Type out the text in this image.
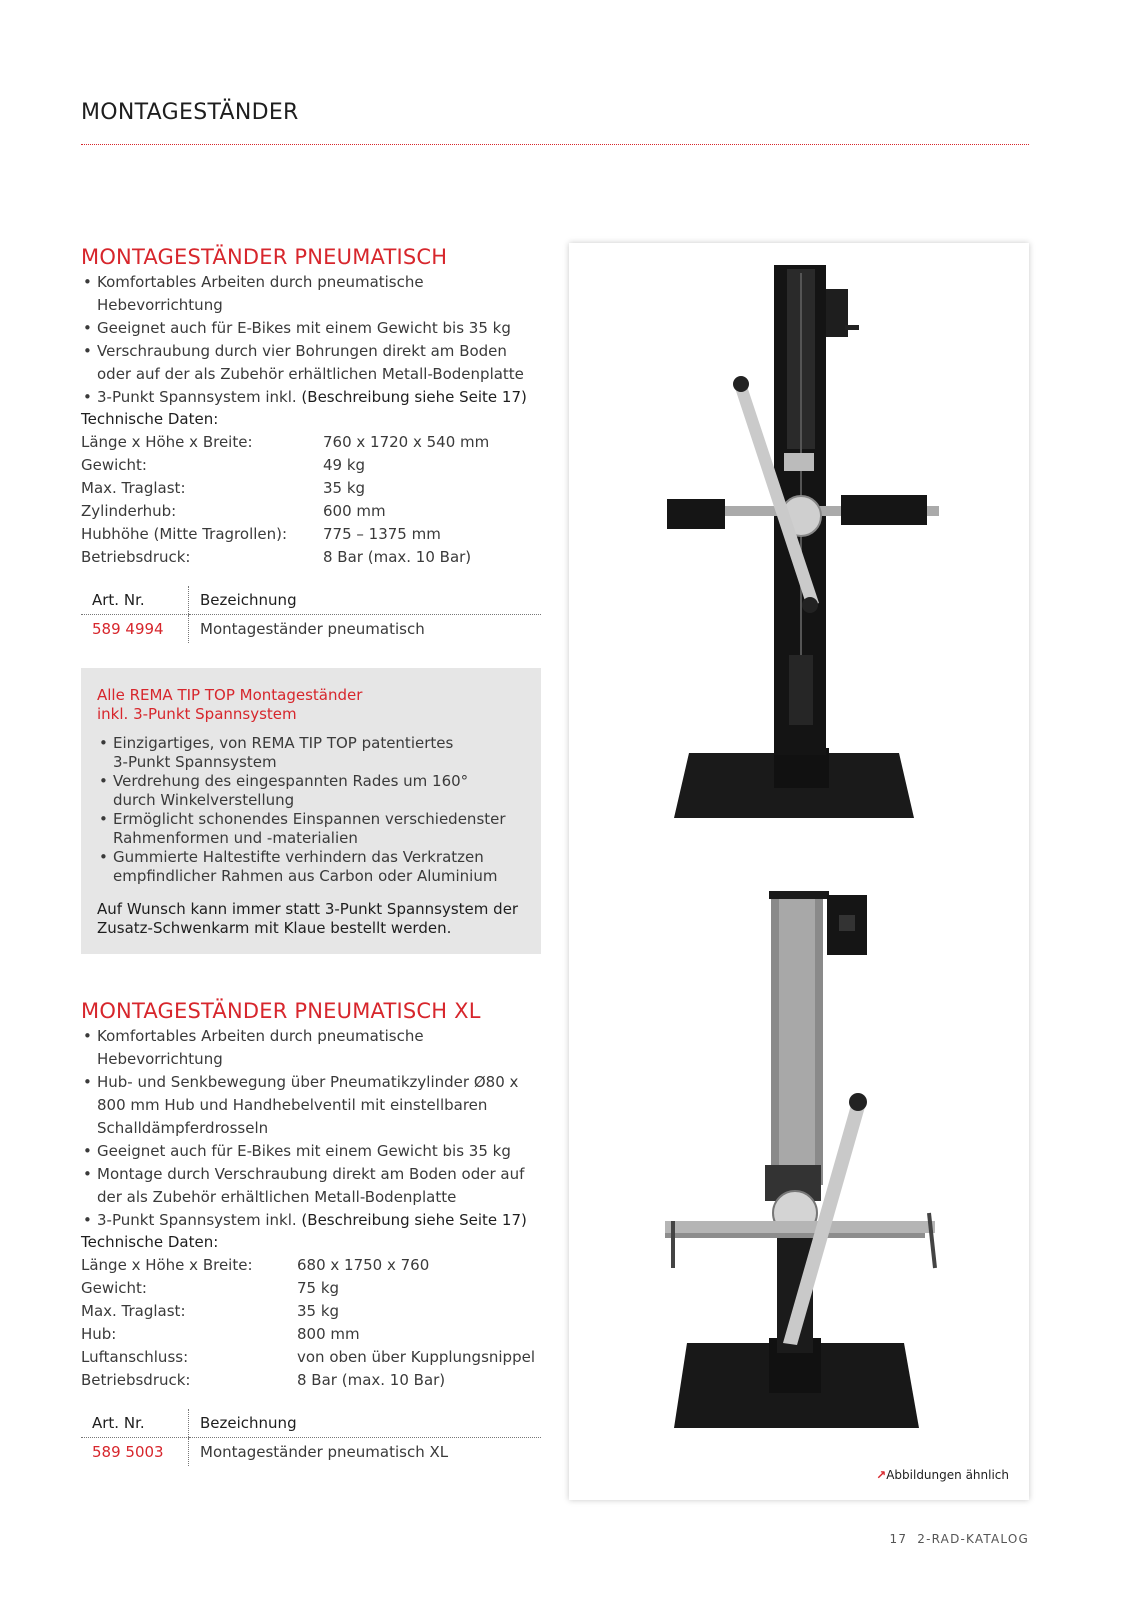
MONTAGESTÄNDER
MONTAGESTÄNDER PNEUMATISCH
• Komfortables Arbeiten durch pneumatische Hebevorrichtung
• Geeignet auch für E-Bikes mit einem Gewicht bis 35 kg
• Verschraubung durch vier Bohrungen direkt am Boden oder auf der als Zubehör erhältlichen Metall-Bodenplatte
• 3-Punkt Spannsystem inkl. (Beschreibung siehe Seite 17)
Technische Daten:
Länge x Höhe x Breite:	760 x 1720 x 540 mm
Gewicht:	49 kg
Max. Traglast:	35 kg
Zylinderhub:	600 mm
Hubhöhe (Mitte Tragrollen):	775 – 1375 mm
Betriebsdruck:	8 Bar (max. 10 Bar)
Art. Nr.	Bezeichnung
589 4994	Montageständer pneumatisch
Alle REMA TIP TOP Montageständer
inkl. 3-Punkt Spannsystem
• Einzigartiges, von REMA TIP TOP patentiertes 3-Punkt Spannsystem
• Verdrehung des eingespannten Rades um 160° durch Winkelverstellung
• Ermöglicht schonendes Einspannen verschiedenster Rahmenformen und -materialien
• Gummierte Haltestifte verhindern das Verkratzen empfindlicher Rahmen aus Carbon oder Aluminium
Auf Wunsch kann immer statt 3-Punkt Spannsystem der Zusatz-Schwenkarm mit Klaue bestellt werden.
MONTAGESTÄNDER PNEUMATISCH XL
• Komfortables Arbeiten durch pneumatische Hebevorrichtung
• Hub- und Senkbewegung über Pneumatikzylinder Ø80 x 800 mm Hub und Handhebelventil mit einstellbaren Schalldämpferdrosseln
• Geeignet auch für E-Bikes mit einem Gewicht bis 35 kg
• Montage durch Verschraubung direkt am Boden oder auf der als Zubehör erhältlichen Metall-Bodenplatte
• 3-Punkt Spannsystem inkl. (Beschreibung siehe Seite 17)
Technische Daten:
Länge x Höhe x Breite:	680 x 1750 x 760
Gewicht:	75 kg
Max. Traglast:	35 kg
Hub:	800 mm
Luftanschluss:	von oben über Kupplungsnippel
Betriebsdruck:	8 Bar (max. 10 Bar)
Art. Nr.	Bezeichnung
589 5003	Montageständer pneumatisch XL
↗Abbildungen ähnlich
17 2-RAD-KATALOG
